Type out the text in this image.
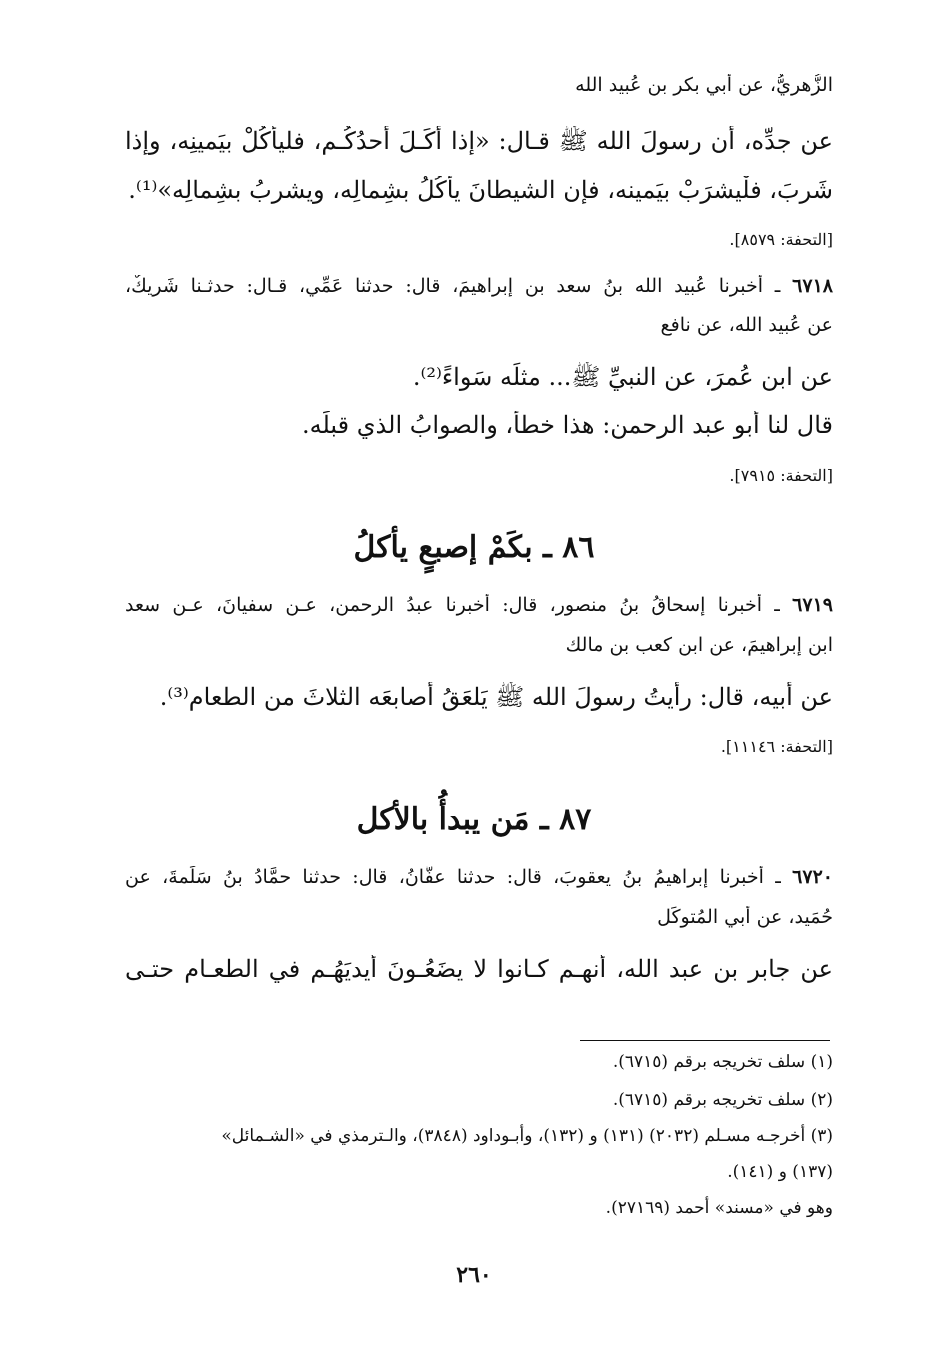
الزُّهريُّ، عن أبي بكر بن عُبيد الله
عن جدِّه، أن رسولَ الله ﷺ قـال: «إذا أكَـلَ أحدُكُـم، فليأكُلْ بيَمينِه، وإذا
شَرِبَ، فلْيشرَبْ بيَمينه، فإن الشيطانَ يأكُلُ بشِمالِه، ويشربُ بشِمالِه»⁽¹⁾.
[التحفة: ٨٥٧٩].
٦٧١٨ ـ أخبرنا عُبيد الله بنُ سعد بن إبراهيمَ، قال: حدثنا عَمِّي، قـال: حدثـنا شَريكٌ،
عن عُبيد الله، عن نافع
عن ابن عُمرَ، عن النبيِّ ﷺ... مثلَه سَواءً⁽²⁾.
قال لنا أبو عبد الرحمن: هذا خطأٌ، والصوابُ الذي قبلَه.
[التحفة: ٧٩١٥].
٨٦ ـ بكَمْ إصبعٍ يأكلُ
٦٧١٩ ـ أخبرنا إسحاقُ بنُ منصور، قال: أخبرنا عبدُ الرحمن، عـن سفيانَ، عـن سعد
ابن إبراهيمَ، عن ابن كعب بن مالك
عن أبيه، قال: رأيتُ رسولَ الله ﷺ يَلعَقُ أصابعَه الثلاثَ من الطعام⁽³⁾.
[التحفة: ١١١٤٦].
٨٧ ـ مَن يبدأُ بالأكل
٦٧٢٠ ـ أخبرنا إبراهيمُ بنُ يعقوبَ، قال: حدثنا عفَّانُ، قال: حدثنا حمَّادُ بنُ سَلَمةَ، عن
حُمَيد، عن أبي المُتوكِّل
عن جابر بن عبد الله، أنهـم كـانوا لا يضَعُـونَ أيديَهُـم في الطعـام حتـى
(١) سلف تخريجه برقم (٦٧١٥).
(٢) سلف تخريجه برقم (٦٧١٥).
(٣) أخرجـه مسـلم (٢٠٣٢) (١٣١) و (١٣٢)، وأبـوداود (٣٨٤٨)، والـترمذي في «الشـمائل»
(١٣٧) و (١٤١).
وهو في «مسند» أحمد (٢٧١٦٩).
٢٦٠
